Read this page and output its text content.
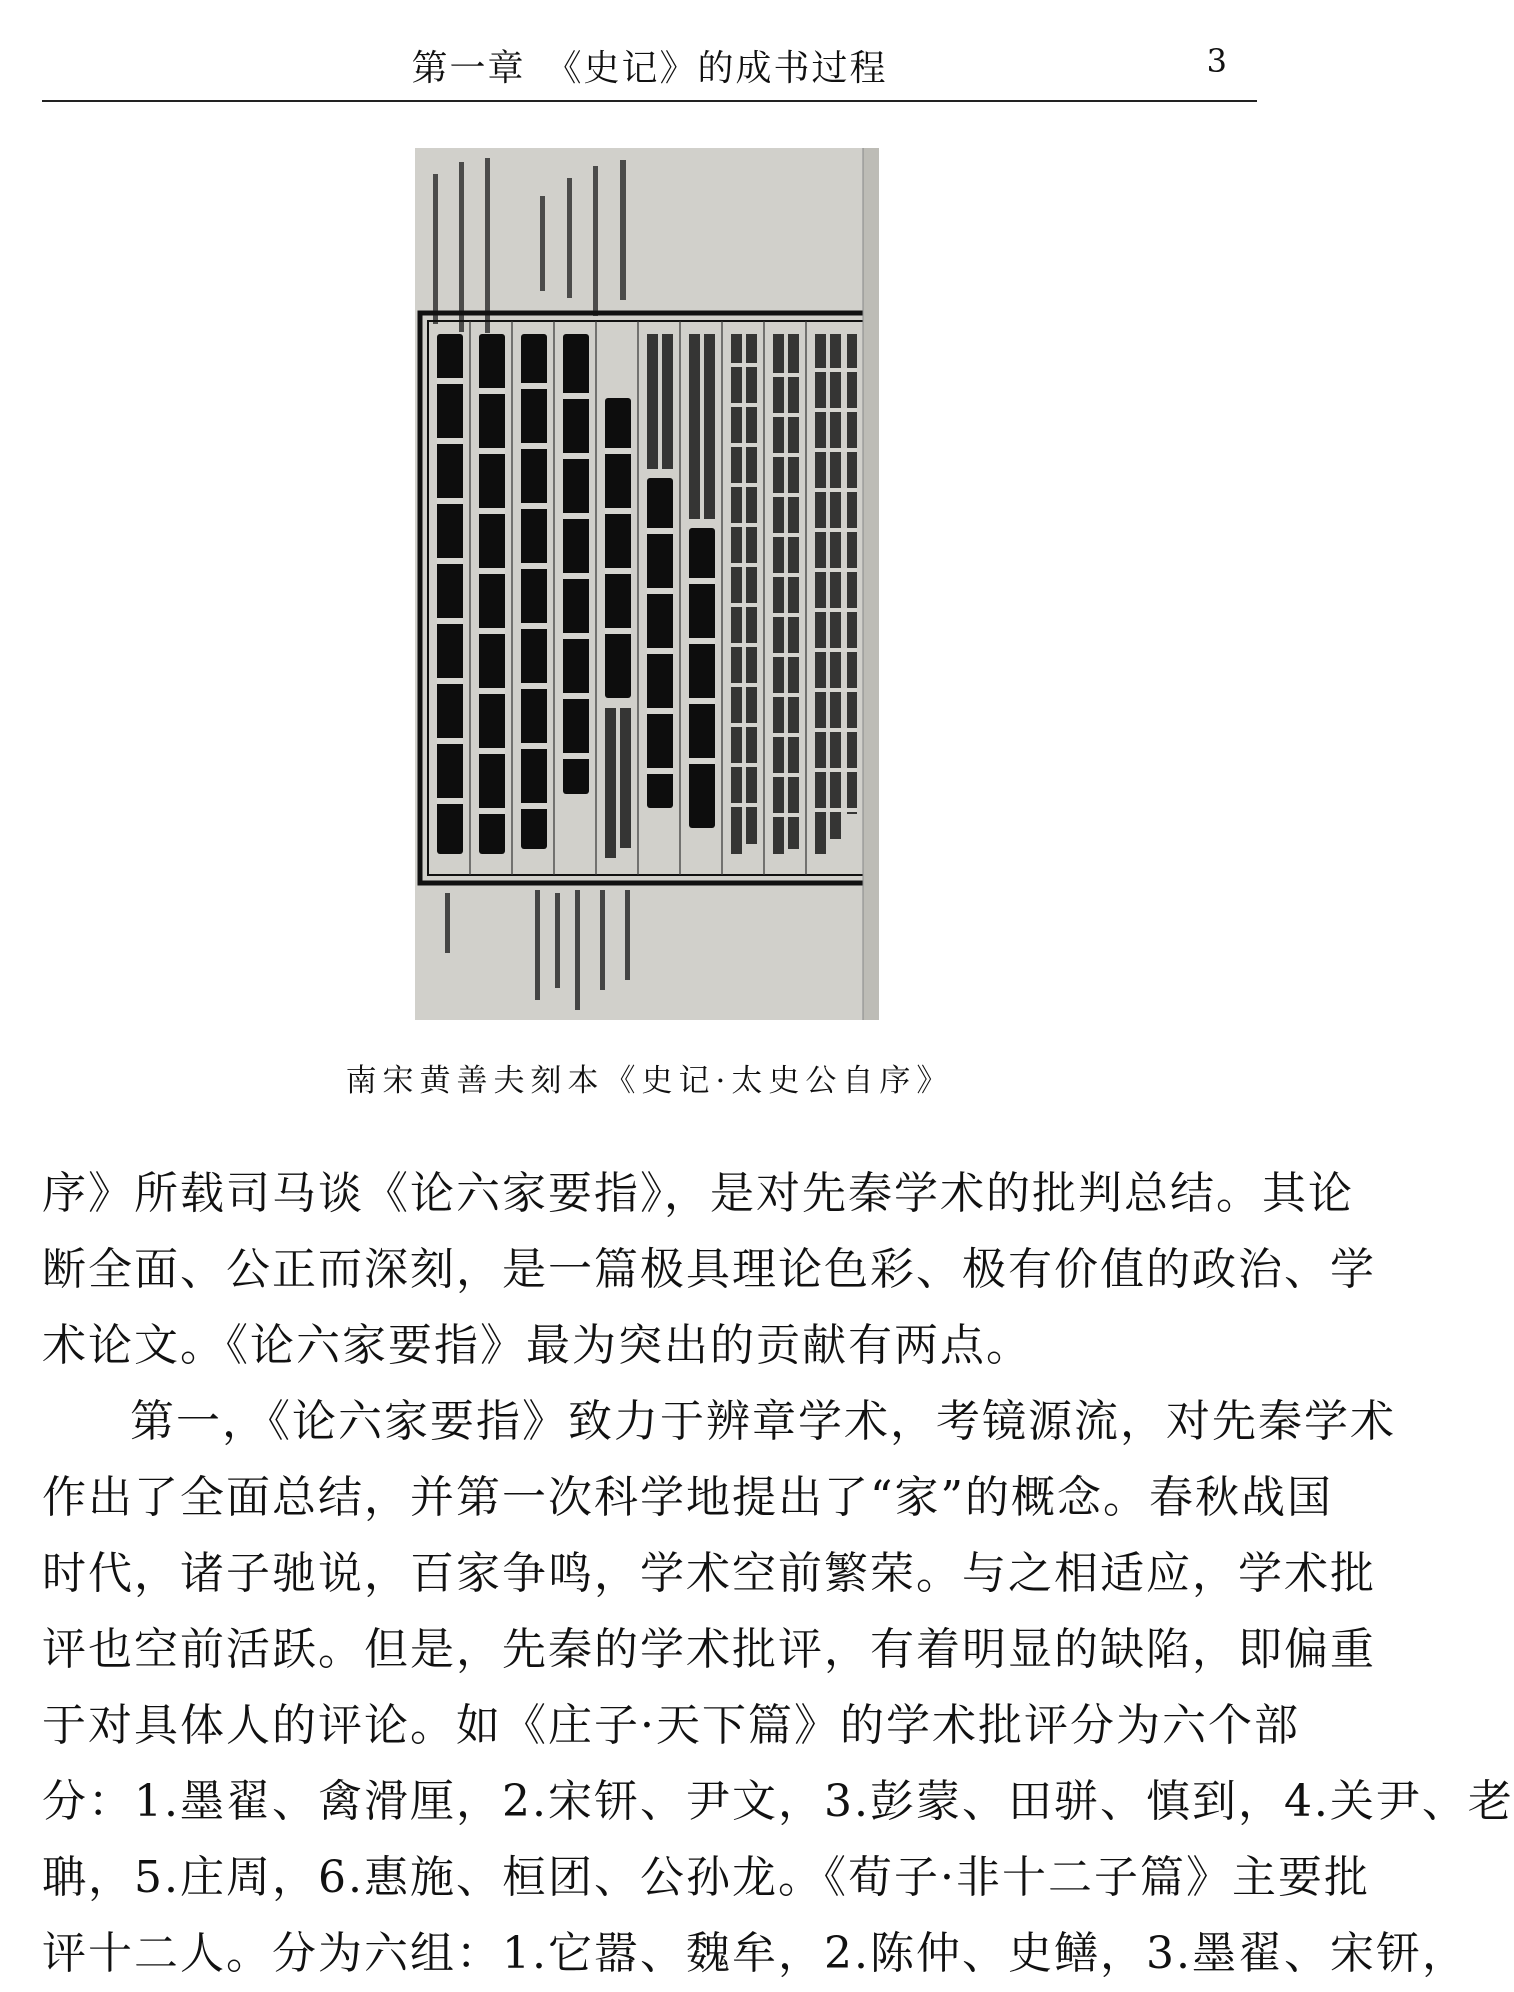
第一章　《史记》的成书过程	3
南宋黄善夫刻本《史记·太史公自序》
序》所载司马谈《论六家要指》，是对先秦学术的批判总结。其论
断全面、公正而深刻，是一篇极具理论色彩、极有价值的政治、学
术论文。《论六家要指》最为突出的贡献有两点。
第一，《论六家要指》致力于辨章学术，考镜源流，对先秦学术
作出了全面总结，并第一次科学地提出了“家”的概念。春秋战国
时代，诸子驰说，百家争鸣，学术空前繁荣。与之相适应，学术批
评也空前活跃。但是，先秦的学术批评，有着明显的缺陷，即偏重
于对具体人的评论。如《庄子·天下篇》的学术批评分为六个部
分：1.墨翟、禽滑厘，2.宋钘、尹文，3.彭蒙、田骈、慎到，4.关尹、老
聃，5.庄周，6.惠施、桓团、公孙龙。《荀子·非十二子篇》主要批
评十二人。分为六组：1.它嚣、魏牟，2.陈仲、史鳝，3.墨翟、宋钘，
